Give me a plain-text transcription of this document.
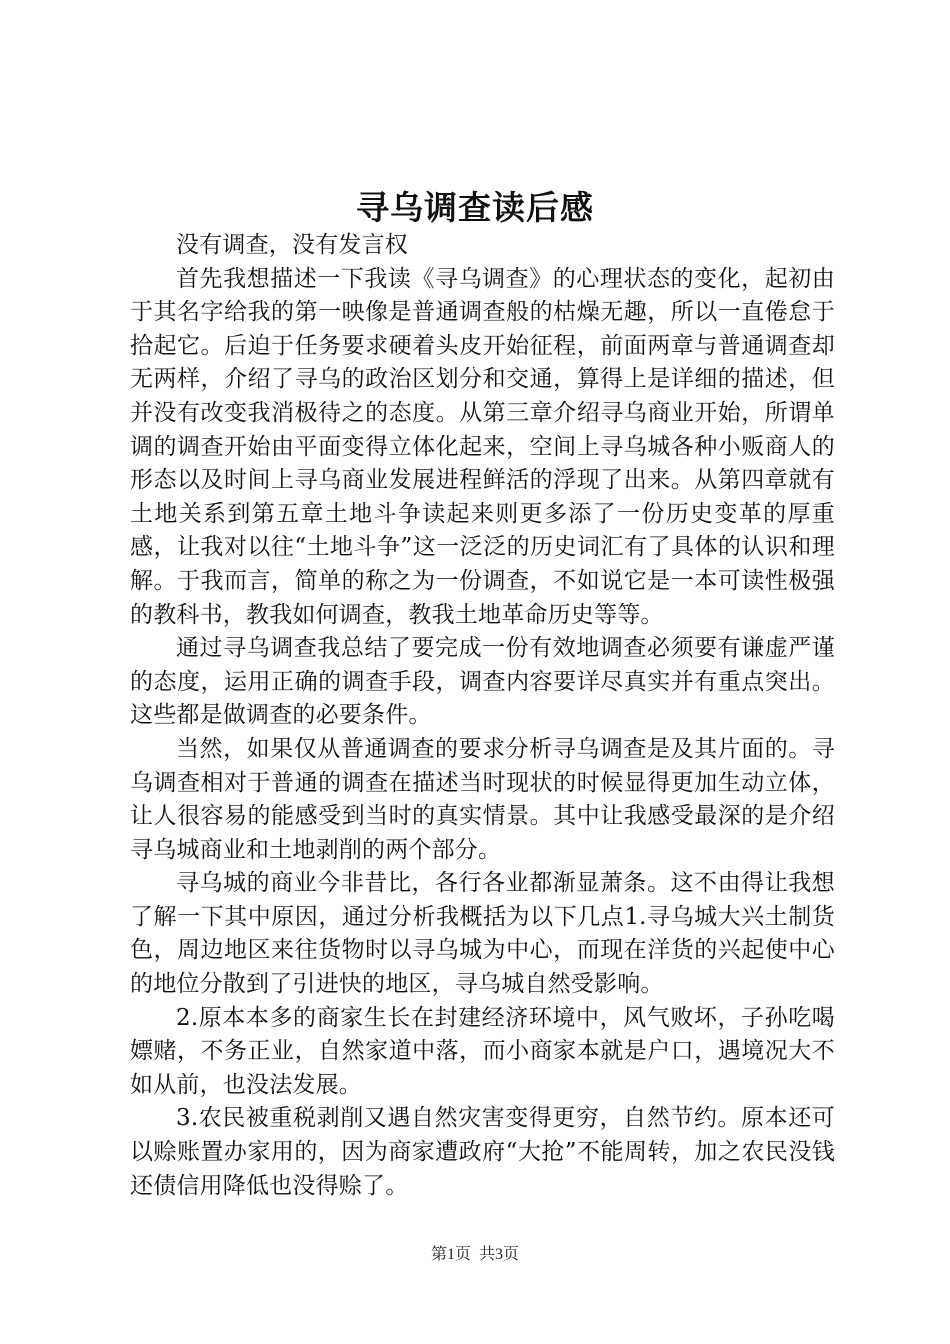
寻乌调查读后感

没有调查，没有发言权

首先我想描述一下我读《寻乌调查》的心理状态的变化，起初由于其名字给我的第一映像是普通调查般的枯燥无趣，所以一直倦怠于拾起它。后迫于任务要求硬着头皮开始征程，前面两章与普通调查却无两样，介绍了寻乌的政治区划分和交通，算得上是详细的描述，但并没有改变我消极待之的态度。从第三章介绍寻乌商业开始，所谓单调的调查开始由平面变得立体化起来，空间上寻乌城各种小贩商人的形态以及时间上寻乌商业发展进程鲜活的浮现了出来。从第四章就有土地关系到第五章土地斗争读起来则更多添了一份历史变革的厚重感，让我对以往“土地斗争”这一泛泛的历史词汇有了具体的认识和理解。于我而言，简单的称之为一份调查，不如说它是一本可读性极强的教科书，教我如何调查，教我土地革命历史等等。

通过寻乌调查我总结了要完成一份有效地调查必须要有谦虚严谨的态度，运用正确的调查手段，调查内容要详尽真实并有重点突出。这些都是做调查的必要条件。

当然，如果仅从普通调查的要求分析寻乌调查是及其片面的。寻乌调查相对于普通的调查在描述当时现状的时候显得更加生动立体，让人很容易的能感受到当时的真实情景。其中让我感受最深的是介绍寻乌城商业和土地剥削的两个部分。

寻乌城的商业今非昔比，各行各业都渐显萧条。这不由得让我想了解一下其中原因，通过分析我概括为以下几点1.寻乌城大兴土制货色，周边地区来往货物时以寻乌城为中心，而现在洋货的兴起使中心的地位分散到了引进快的地区，寻乌城自然受影响。

2.原本本多的商家生长在封建经济环境中，风气败坏，子孙吃喝嫖赌，不务正业，自然家道中落，而小商家本就是户口，遇境况大不如从前，也没法发展。

3.农民被重税剥削又遇自然灾害变得更穷，自然节约。原本还可以赊账置办家用的，因为商家遭政府“大抢”不能周转，加之农民没钱还债信用降低也没得赊了。

第1页  共3页
